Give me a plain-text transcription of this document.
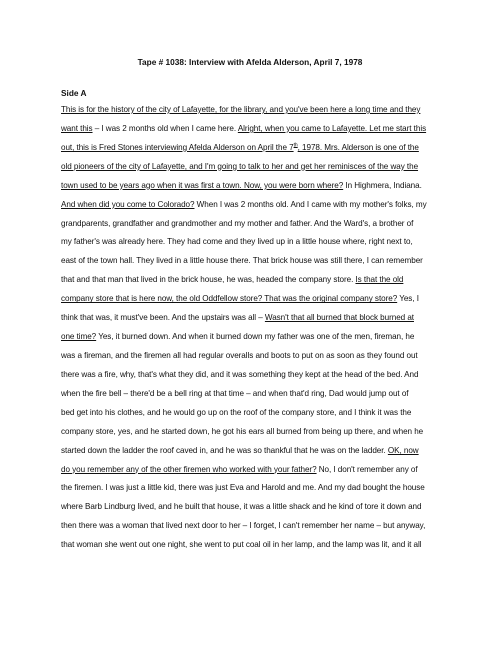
Tape # 1038: Interview with Afelda Alderson, April 7, 1978
Side A
This is for the history of the city of Lafayette, for the library, and you've been here a long time and they
want this – I was 2 months old when I came here. Alright, when you came to Lafayette. Let me start this
out, this is Fred Stones interviewing Afelda Alderson on April the 7th, 1978. Mrs. Alderson is one of the
old pioneers of the city of Lafayette, and I'm going to talk to her and get her reminisces of the way the
town used to be years ago when it was first a town. Now, you were born where? In Highmera, Indiana.
And when did you come to Colorado? When I was 2 months old. And I came with my mother's folks, my
grandparents, grandfather and grandmother and my mother and father. And the Ward's, a brother of
my father's was already here. They had come and they lived up in a little house where, right next to,
east of the town hall. They lived in a little house there. That brick house was still there, I can remember
that and that man that lived in the brick house, he was, headed the company store. Is that the old
company store that is here now, the old Oddfellow store? That was the original company store? Yes, I
think that was, it must've been. And the upstairs was all – Wasn't that all burned that block burned at
one time? Yes, it burned down. And when it burned down my father was one of the men, fireman, he
was a fireman, and the firemen all had regular overalls and boots to put on as soon as they found out
there was a fire, why, that's what they did, and it was something they kept at the head of the bed. And
when the fire bell – there'd be a bell ring at that time – and when that'd ring, Dad would jump out of
bed get into his clothes, and he would go up on the roof of the company store, and I think it was the
company store, yes, and he started down, he got his ears all burned from being up there, and when he
started down the ladder the roof caved in, and he was so thankful that he was on the ladder. OK, now
do you remember any of the other firemen who worked with your father? No, I don't remember any of
the firemen. I was just a little kid, there was just Eva and Harold and me. And my dad bought the house
where Barb Lindburg lived, and he built that house, it was a little shack and he kind of tore it down and
then there was a woman that lived next door to her – I forget, I can't remember her name – but anyway,
that woman she went out one night, she went to put coal oil in her lamp, and the lamp was lit, and it all
